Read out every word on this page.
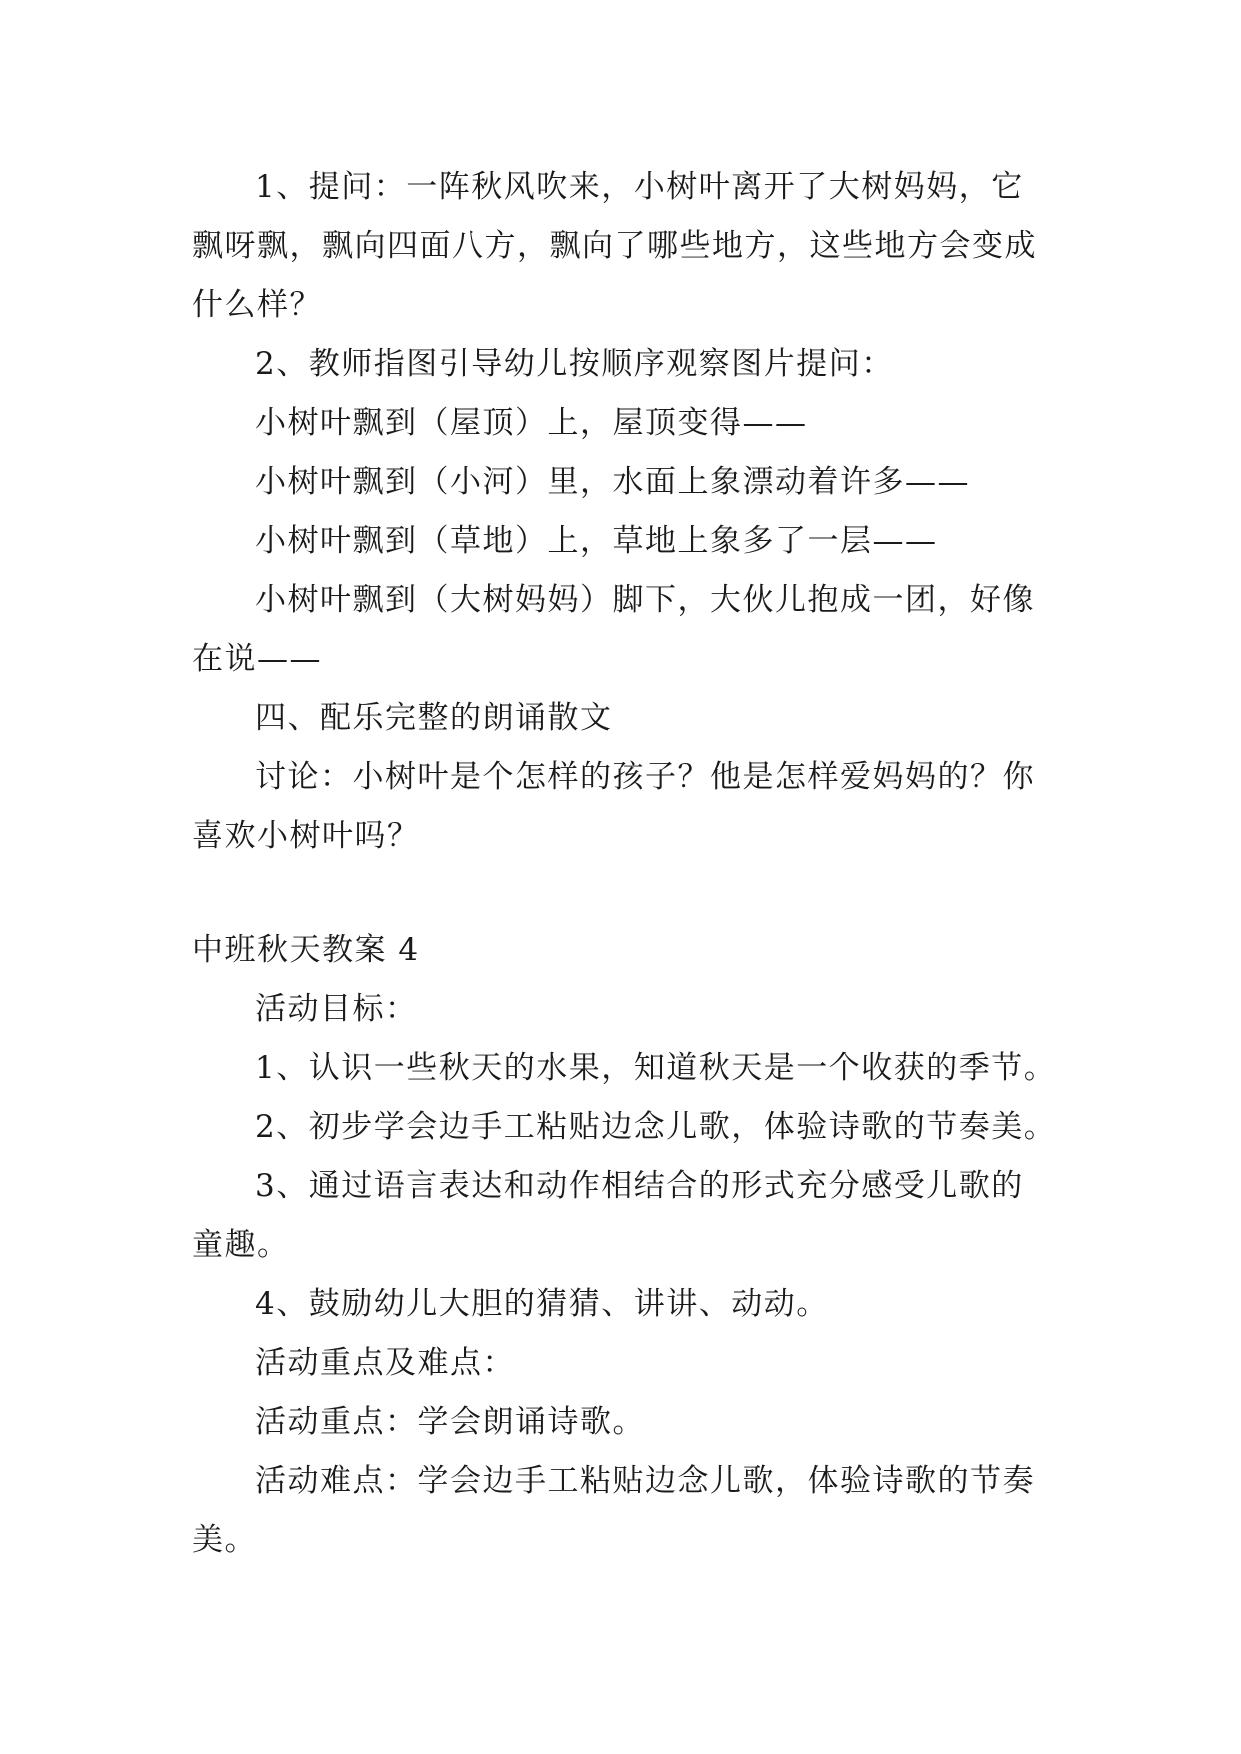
1、提问：一阵秋风吹来，小树叶离开了大树妈妈，它
飘呀飘，飘向四面八方，飘向了哪些地方，这些地方会变成
什么样？
2、教师指图引导幼儿按顺序观察图片提问：
小树叶飘到（屋顶）上，屋顶变得——
小树叶飘到（小河）里，水面上象漂动着许多——
小树叶飘到（草地）上，草地上象多了一层——
小树叶飘到（大树妈妈）脚下，大伙儿抱成一团，好像
在说——
四、配乐完整的朗诵散文
讨论：小树叶是个怎样的孩子？他是怎样爱妈妈的？你
喜欢小树叶吗？
中班秋天教案 4
活动目标：
1、认识一些秋天的水果，知道秋天是一个收获的季节。
2、初步学会边手工粘贴边念儿歌，体验诗歌的节奏美。
3、通过语言表达和动作相结合的形式充分感受儿歌的
童趣。
4、鼓励幼儿大胆的猜猜、讲讲、动动。
活动重点及难点：
活动重点：学会朗诵诗歌。
活动难点：学会边手工粘贴边念儿歌，体验诗歌的节奏
美。
